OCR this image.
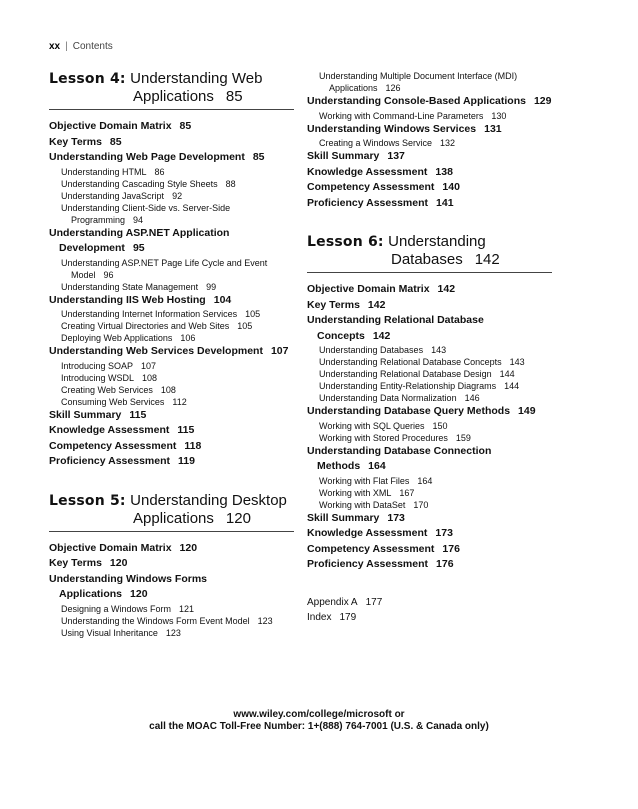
xx | Contents
Lesson 4: Understanding Web
Applications 85
Objective Domain Matrix 85
Key Terms 85
Understanding Web Page Development 85
Understanding HTML 86
Understanding Cascading Style Sheets 88
Understanding JavaScript 92
Understanding Client-Side vs. Server-Side Programming 94
Understanding ASP.NET Application Development 95
Understanding ASP.NET Page Life Cycle and Event Model 96
Understanding State Management 99
Understanding IIS Web Hosting 104
Understanding Internet Information Services 105
Creating Virtual Directories and Web Sites 105
Deploying Web Applications 106
Understanding Web Services Development 107
Introducing SOAP 107
Introducing WSDL 108
Creating Web Services 108
Consuming Web Services 112
Skill Summary 115
Knowledge Assessment 115
Competency Assessment 118
Proficiency Assessment 119
Lesson 5: Understanding Desktop
Applications 120
Objective Domain Matrix 120
Key Terms 120
Understanding Windows Forms Applications 120
Designing a Windows Form 121
Understanding the Windows Form Event Model 123
Using Visual Inheritance 123
Understanding Multiple Document Interface (MDI) Applications 126
Understanding Console-Based Applications 129
Working with Command-Line Parameters 130
Understanding Windows Services 131
Creating a Windows Service 132
Skill Summary 137
Knowledge Assessment 138
Competency Assessment 140
Proficiency Assessment 141
Lesson 6: Understanding
Databases 142
Objective Domain Matrix 142
Key Terms 142
Understanding Relational Database Concepts 142
Understanding Databases 143
Understanding Relational Database Concepts 143
Understanding Relational Database Design 144
Understanding Entity-Relationship Diagrams 144
Understanding Data Normalization 146
Understanding Database Query Methods 149
Working with SQL Queries 150
Working with Stored Procedures 159
Understanding Database Connection Methods 164
Working with Flat Files 164
Working with XML 167
Working with DataSet 170
Skill Summary 173
Knowledge Assessment 173
Competency Assessment 176
Proficiency Assessment 176
Appendix A 177
Index 179
www.wiley.com/college/microsoft or
call the MOAC Toll-Free Number: 1+(888) 764-7001 (U.S. & Canada only)
